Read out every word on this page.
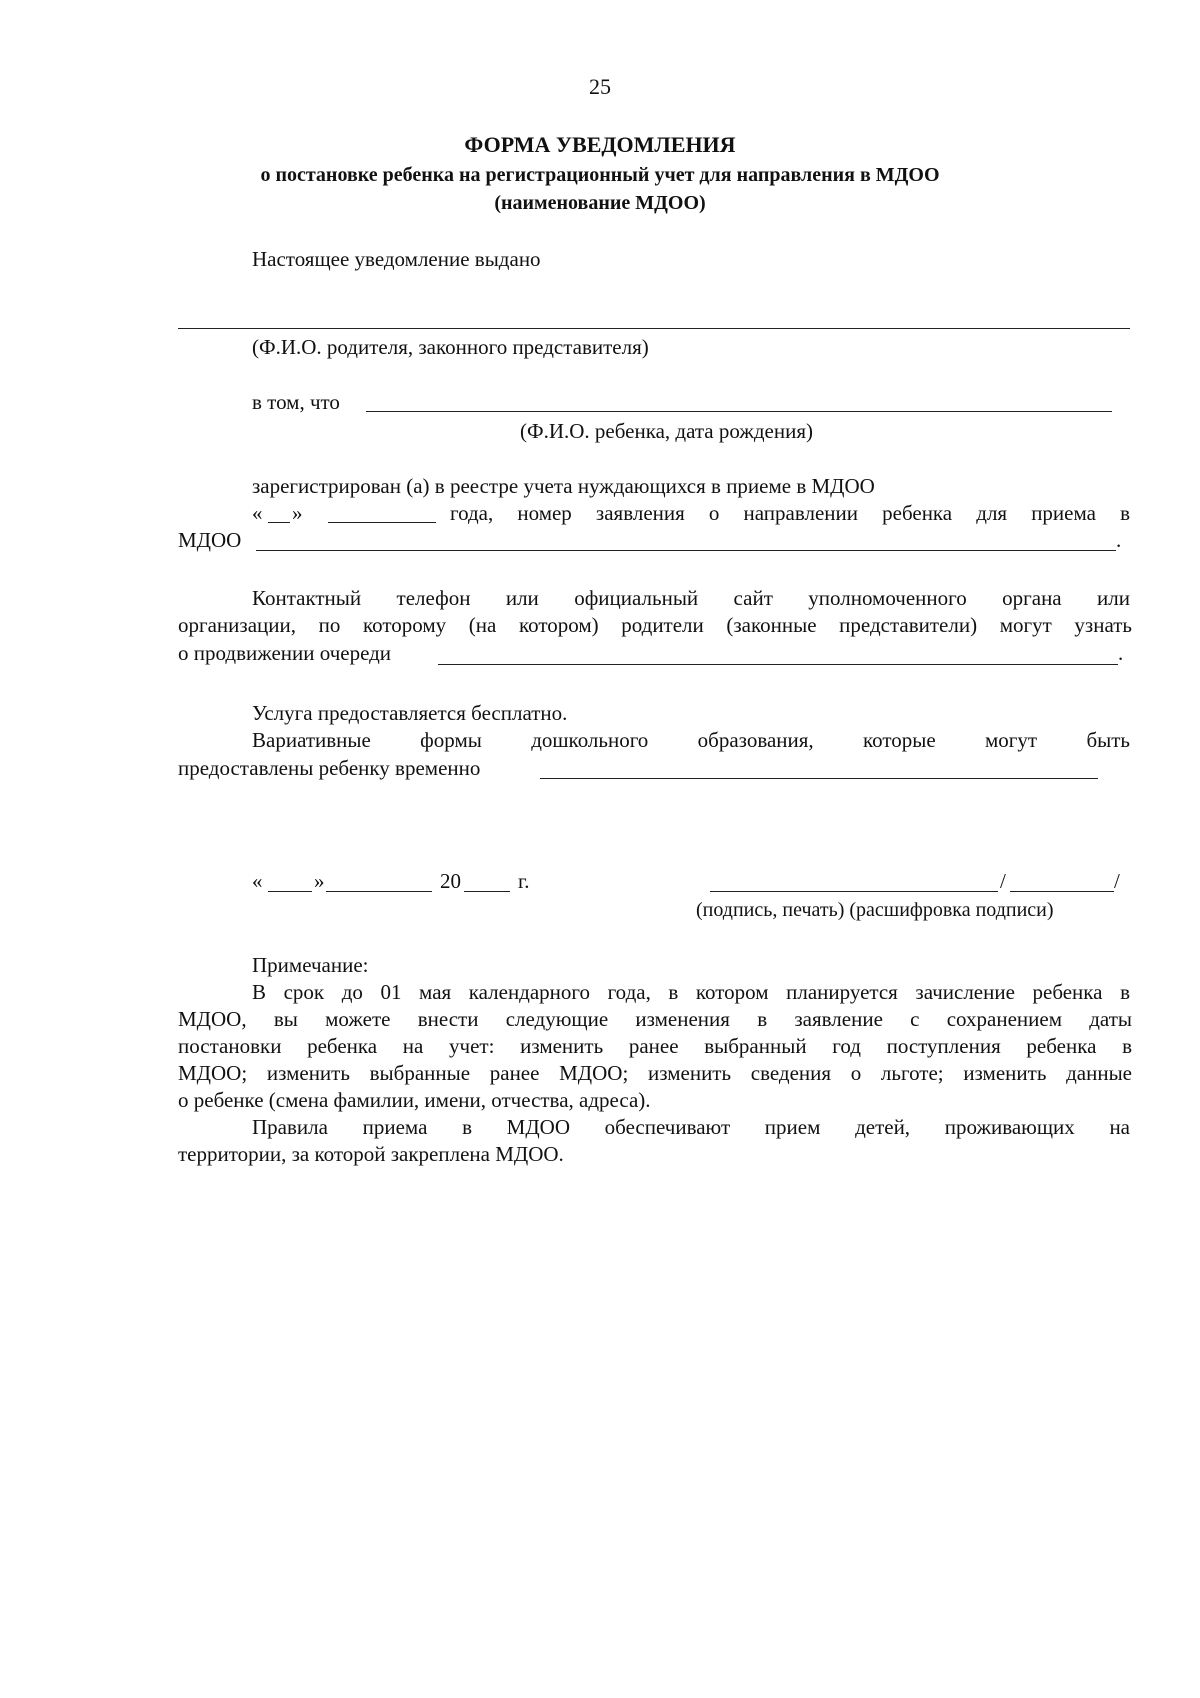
25
ФОРМА УВЕДОМЛЕНИЯ
о постановке ребенка на регистрационный учет для направления в МДОО
(наименование МДОО)
Настоящее уведомление выдано
(Ф.И.О. родителя, законного представителя)
в том, что
(Ф.И.О. ребенка, дата рождения)
зарегистрирован (а) в реестре учета нуждающихся в приеме в МДОО
« »	года, номер заявления о направлении ребенка для приема в
МДОО	.
Контактный телефон или официальный сайт уполномоченного органа или
организации, по которому (на котором) родители (законные представители) могут узнать
о продвижении очереди	.
Услуга предоставляется бесплатно.
Вариативные формы дошкольного образования, которые могут быть
предоставлены ребенку временно
« »	20	г.	/	/
(подпись, печать) (расшифровка подписи)
Примечание:
В срок до 01 мая календарного года, в котором планируется зачисление ребенка в
МДОО, вы можете внести следующие изменения в заявление с сохранением даты
постановки ребенка на учет: изменить ранее выбранный год поступления ребенка в
МДОО; изменить выбранные ранее МДОО; изменить сведения о льготе; изменить данные
о ребенке (смена фамилии, имени, отчества, адреса).
Правила приема в МДОО обеспечивают прием детей, проживающих на
территории, за которой закреплена МДОО.
